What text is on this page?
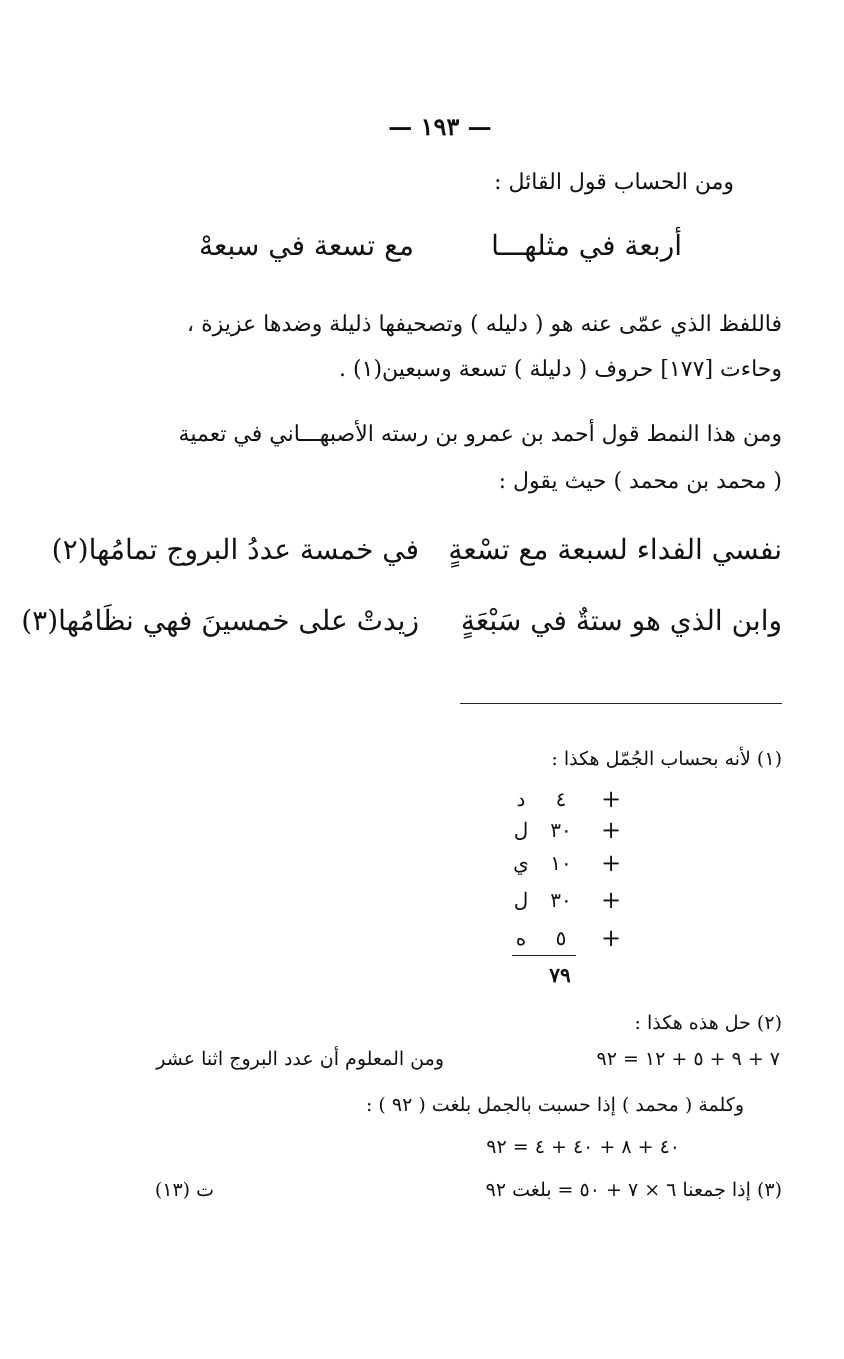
— ١٩٣ —
ومن الحساب قول القائل :
أربعة في مثلهـــا
مع تسعة في سبعهْ
فاللفظ الذي عمّى عنه هو ( دليله ) وتصحيفها ذليلة وضدها عزيزة ،
وحاءت [١٧٧] حروف ( دليلة ) تسعة وسبعين(١) .
ومن هذا النمط قول أحمد بن عمرو بن رسته الأصبهـــاني في تعمية
( محمد بن محمد ) حيث يقول :
نفسي الفداء لسبعة مع تسْعةٍ
في خمسة عددُ البروج تمامُها(٢)
وابن الذي هو ستةٌ في سَبْعَةٍ
زيدتْ على خمسينَ فهي نظَامُها(٣)
(١) لأنه بحساب الجُمّل هكذا :
+
٤
د
+
٣٠
ل
+
١٠
ي
+
٣٠
ل
+
٥
ه
٧٩
(٢) حل هذه هكذا :
٧ + ٩ + ٥ + ١٢ = ٩٢
ومن المعلوم أن عدد البروج اثنا عشر
وكلمة ( محمد ) إذا حسبت بالجمل بلغت ( ٩٢ ) :
٤٠ + ٨ + ٤٠ + ٤ = ٩٢
(٣) إذا جمعنا ٦ × ٧ + ٥٠ = بلغت ٩٢
ت (١٣)
